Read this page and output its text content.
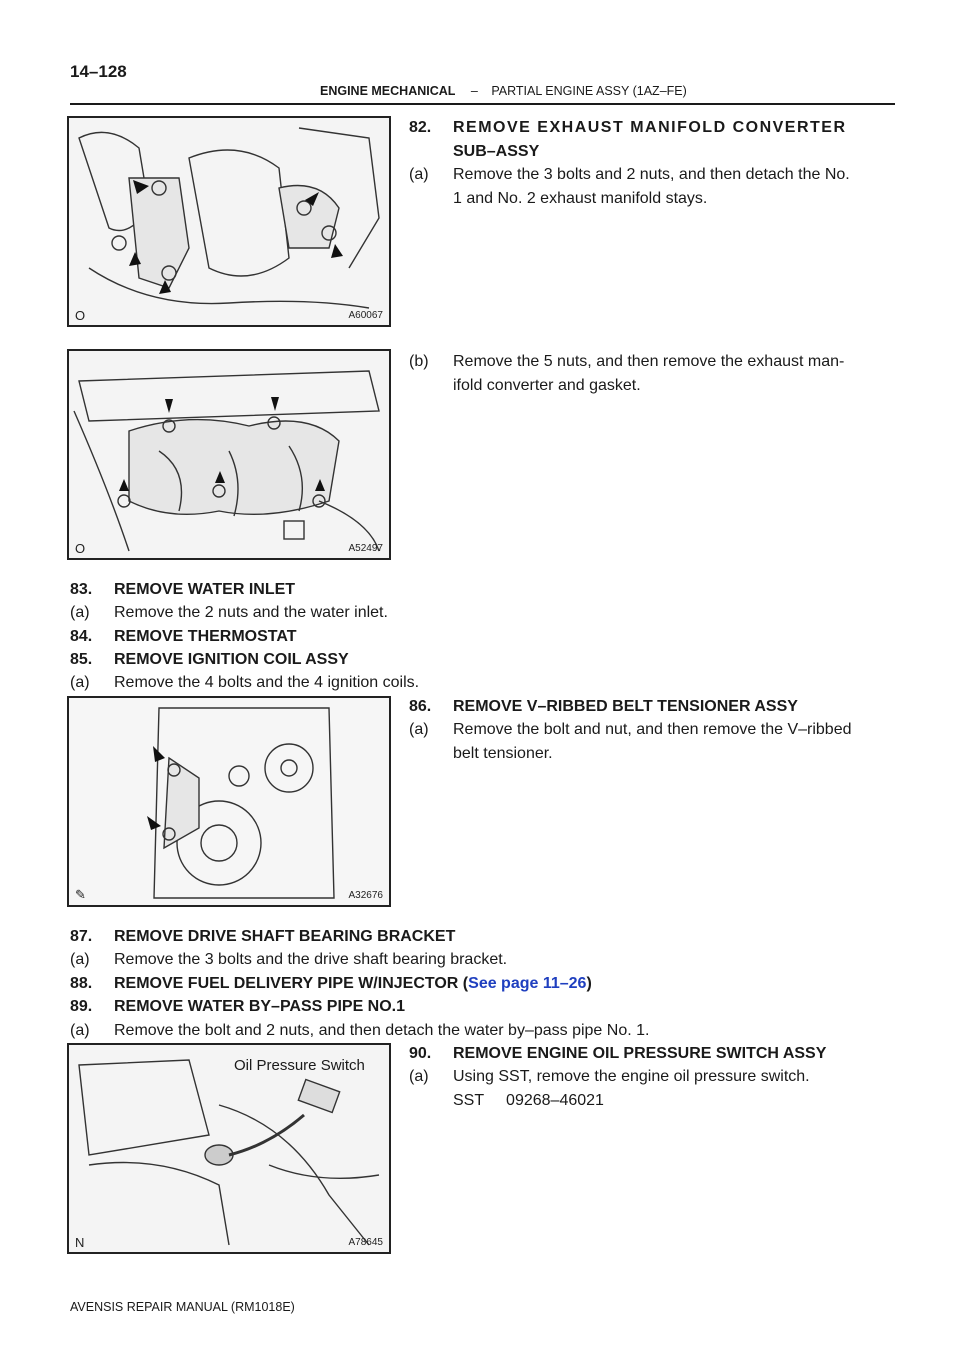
14–128
ENGINE MECHANICAL – PARTIAL ENGINE ASSY (1AZ–FE)
O	A60067
O	A52497
✎	A32676
Oil Pressure Switch
N	A78645
82. REMOVE EXHAUST MANIFOLD CONVERTER
SUB–ASSY
(a) Remove the 3 bolts and 2 nuts, and then detach the No.
1 and No. 2 exhaust manifold stays.
(b) Remove the 5 nuts, and then remove the exhaust man-
ifold converter and gasket.
83. REMOVE WATER INLET
(a) Remove the 2 nuts and the water inlet.
84. REMOVE THERMOSTAT
85. REMOVE IGNITION COIL ASSY
(a) Remove the 4 bolts and the 4 ignition coils.
86. REMOVE V–RIBBED BELT TENSIONER ASSY
(a) Remove the bolt and nut, and then remove the V–ribbed
belt tensioner.
87. REMOVE DRIVE SHAFT BEARING BRACKET
(a) Remove the 3 bolts and the drive shaft bearing bracket.
88. REMOVE FUEL DELIVERY PIPE W/INJECTOR (See page 11–26)
89. REMOVE WATER BY–PASS PIPE NO.1
(a) Remove the bolt and 2 nuts, and then detach the water by–pass pipe No. 1.
90. REMOVE ENGINE OIL PRESSURE SWITCH ASSY
(a) Using SST, remove the engine oil pressure switch.
SST     09268–46021
AVENSIS REPAIR MANUAL (RM1018E)
